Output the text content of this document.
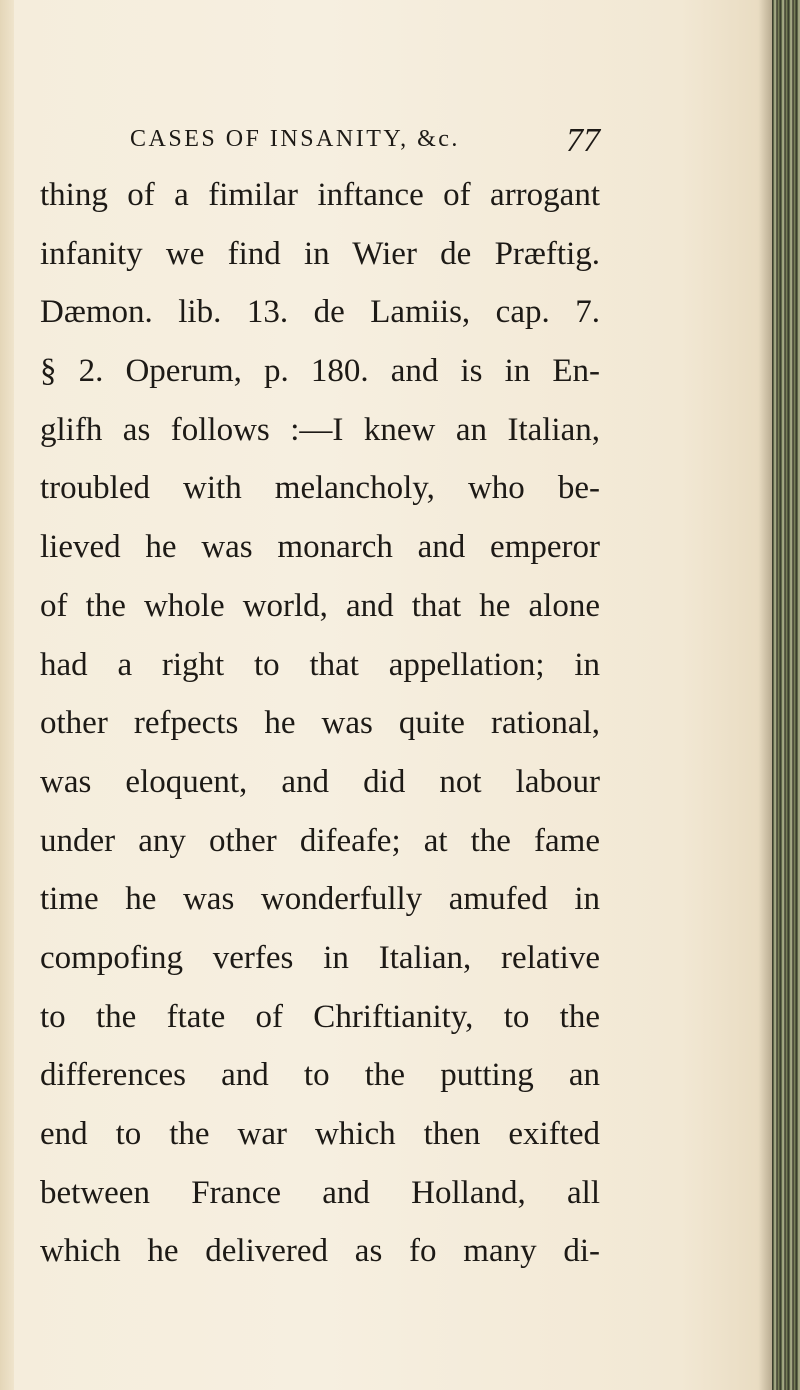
CASES OF INSANITY, &c.	77
thing of a fimilar inftance of arrogant
infanity we find in Wier de Præftig.
Dæmon. lib. 13. de Lamiis, cap. 7.
§ 2. Operum, p. 180. and is in En-
glifh as follows :—I knew an Italian,
troubled with melancholy, who be-
lieved he was monarch and emperor
of the whole world, and that he alone
had a right to that appellation; in
other refpects he was quite rational,
was eloquent, and did not labour
under any other difeafe; at the fame
time he was wonderfully amufed in
compofing verfes in Italian, relative
to the ftate of Chriftianity, to the
differences and to the putting an
end to the war which then exifted
between France and Holland, all
which he delivered as fo many di-
